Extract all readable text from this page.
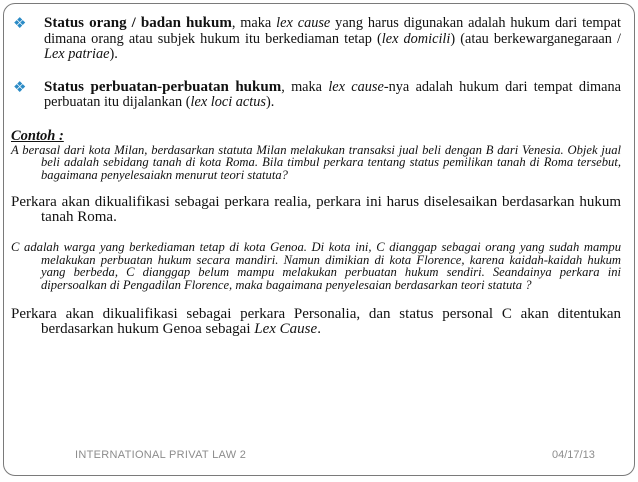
❖ Status orang / badan hukum, maka lex cause yang harus digunakan adalah hukum dari tempat dimana orang atau subjek hukum itu berkediaman tetap (lex domicili) (atau berkewarganegaraan / Lex patriae).
❖ Status perbuatan-perbuatan hukum, maka lex cause-nya adalah hukum dari tempat dimana perbuatan itu dijalankan (lex loci actus).
Contoh :
A berasal dari kota Milan, berdasarkan statuta Milan melakukan transaksi jual beli dengan B dari Venesia. Objek jual beli adalah sebidang tanah di kota Roma. Bila timbul perkara tentang status pemilikan tanah di Roma tersebut, bagaimana penyelesaiakn menurut teori statuta?
Perkara akan dikualifikasi sebagai perkara realia, perkara ini harus diselesaikan berdasarkan hukum tanah Roma.
C adalah warga yang berkediaman tetap di kota Genoa. Di kota ini, C dianggap sebagai orang yang sudah mampu melakukan perbuatan hukum secara mandiri. Namun dimikian di kota Florence, karena kaidah-kaidah hukum yang berbeda, C dianggap belum mampu melakukan perbuatan hukum sendiri. Seandainya perkara ini dipersoalkan di Pengadilan Florence, maka bagaimana penyelesaian berdasarkan teori statuta ?
Perkara akan dikualifikasi sebagai perkara Personalia, dan status personal C akan ditentukan berdasarkan hukum Genoa sebagai Lex Cause.
INTERNATIONAL PRIVAT LAW 2	04/17/13
